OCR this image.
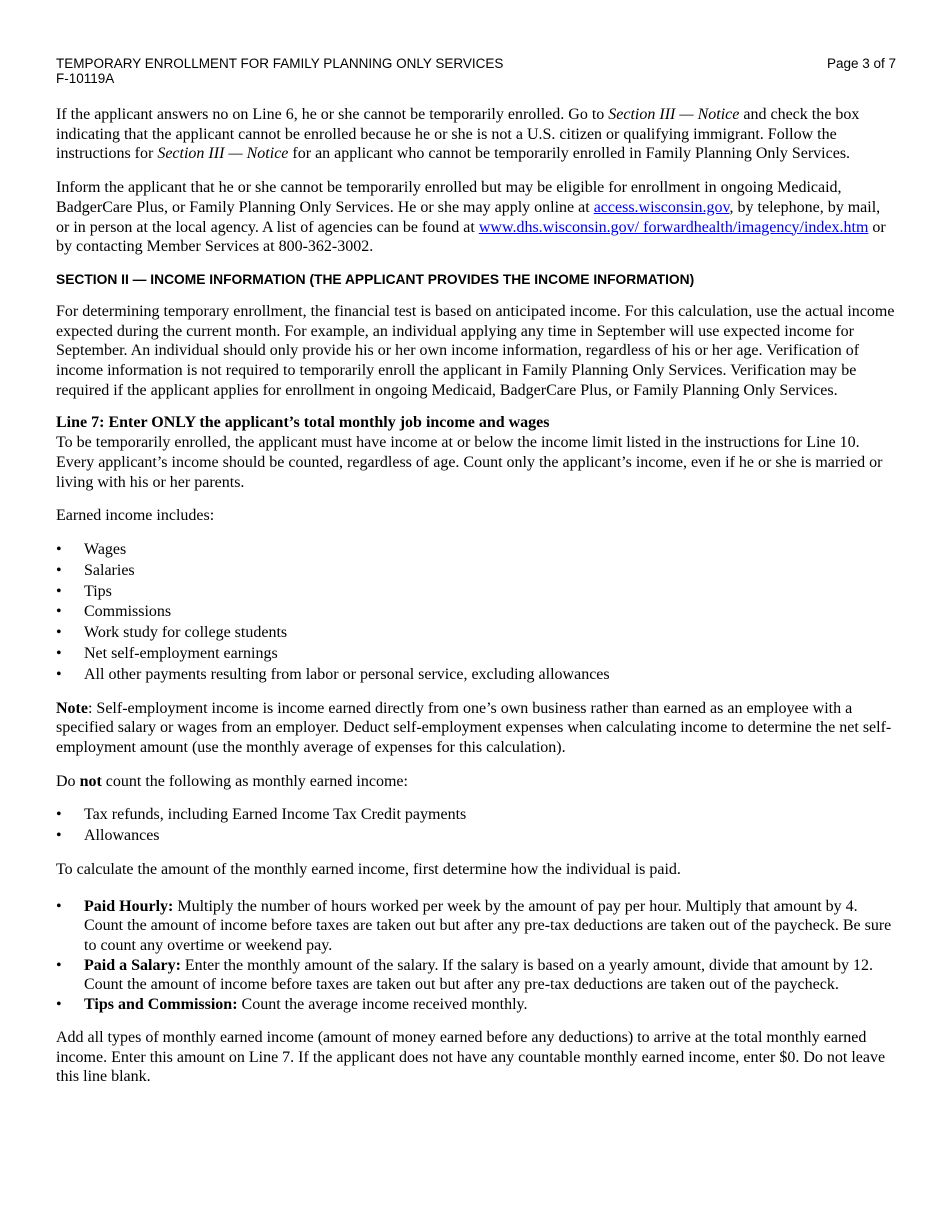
TEMPORARY ENROLLMENT FOR FAMILY PLANNING ONLY SERVICES
F-10119A
Page 3 of 7

If the applicant answers no on Line 6, he or she cannot be temporarily enrolled. Go to Section III — Notice and check the box indicating that the applicant cannot be enrolled because he or she is not a U.S. citizen or qualifying immigrant. Follow the instructions for Section III — Notice for an applicant who cannot be temporarily enrolled in Family Planning Only Services.

Inform the applicant that he or she cannot be temporarily enrolled but may be eligible for enrollment in ongoing Medicaid, BadgerCare Plus, or Family Planning Only Services. He or she may apply online at access.wisconsin.gov, by telephone, by mail, or in person at the local agency. A list of agencies can be found at www.dhs.wisconsin.gov/ forwardhealth/imagency/index.htm or by contacting Member Services at 800-362-3002.

SECTION II — INCOME INFORMATION (THE APPLICANT PROVIDES THE INCOME INFORMATION)

For determining temporary enrollment, the financial test is based on anticipated income. For this calculation, use the actual income expected during the current month. For example, an individual applying any time in September will use expected income for September. An individual should only provide his or her own income information, regardless of his or her age. Verification of income information is not required to temporarily enroll the applicant in Family Planning Only Services. Verification may be required if the applicant applies for enrollment in ongoing Medicaid, BadgerCare Plus, or Family Planning Only Services.

Line 7: Enter ONLY the applicant’s total monthly job income and wages
To be temporarily enrolled, the applicant must have income at or below the income limit listed in the instructions for Line 10. Every applicant’s income should be counted, regardless of age. Count only the applicant’s income, even if he or she is married or living with his or her parents.

Earned income includes:

• Wages
• Salaries
• Tips
• Commissions
• Work study for college students
• Net self-employment earnings
• All other payments resulting from labor or personal service, excluding allowances

Note: Self-employment income is income earned directly from one’s own business rather than earned as an employee with a specified salary or wages from an employer. Deduct self-employment expenses when calculating income to determine the net self-employment amount (use the monthly average of expenses for this calculation).

Do not count the following as monthly earned income:

• Tax refunds, including Earned Income Tax Credit payments
• Allowances

To calculate the amount of the monthly earned income, first determine how the individual is paid.

• Paid Hourly: Multiply the number of hours worked per week by the amount of pay per hour. Multiply that amount by 4. Count the amount of income before taxes are taken out but after any pre-tax deductions are taken out of the paycheck. Be sure to count any overtime or weekend pay.
• Paid a Salary: Enter the monthly amount of the salary. If the salary is based on a yearly amount, divide that amount by 12. Count the amount of income before taxes are taken out but after any pre-tax deductions are taken out of the paycheck.
• Tips and Commission: Count the average income received monthly.

Add all types of monthly earned income (amount of money earned before any deductions) to arrive at the total monthly earned income. Enter this amount on Line 7. If the applicant does not have any countable monthly earned income, enter $0. Do not leave this line blank.
